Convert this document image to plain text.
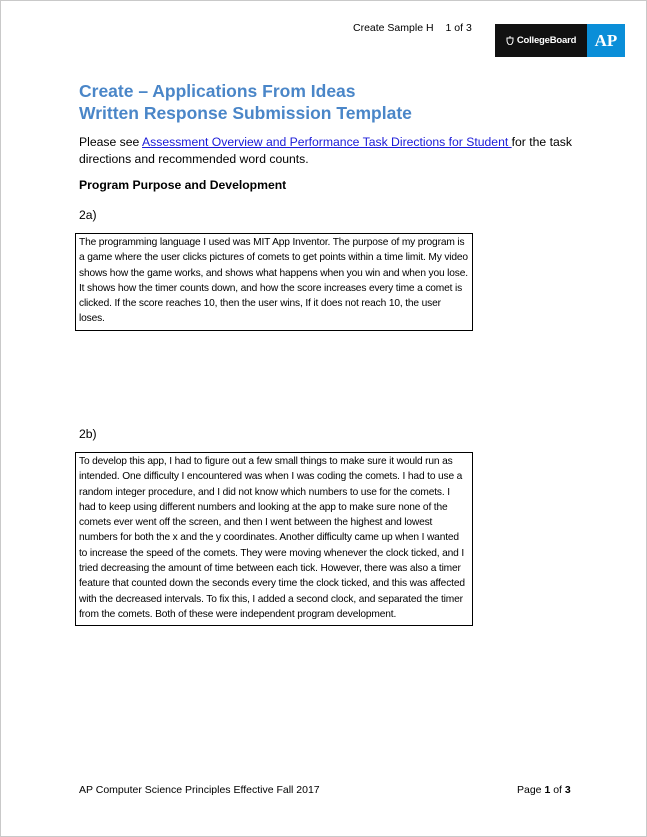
Create Sample H 1 of 3
CollegeBoard AP
Create – Applications From Ideas
Written Response Submission Template
Please see Assessment Overview and Performance Task Directions for Student for the task directions and recommended word counts.
Program Purpose and Development
2a)
The programming language I used was MIT App Inventor. The purpose of my program is a game where the user clicks pictures of comets to get points within a time limit. My video shows how the game works, and shows what happens when you win and when you lose. It shows how the timer counts down, and how the score increases every time a comet is clicked. If the score reaches 10, then the user wins, If it does not reach 10, the user loses.
2b)
To develop this app, I had to figure out a few small things to make sure it would run as intended. One difficulty I encountered was when I was coding the comets. I had to use a random integer procedure, and I did not know which numbers to use for the comets. I had to keep using different numbers and looking at the app to make sure none of the comets ever went off the screen, and then I went between the highest and lowest numbers for both the x and the y coordinates. Another difficulty came up when I wanted to increase the speed of the comets. They were moving whenever the clock ticked, and I tried decreasing the amount of time between each tick. However, there was also a timer feature that counted down the seconds every time the clock ticked, and this was affected with the decreased intervals. To fix this, I added a second clock, and separated the timer from the comets. Both of these were independent program development.
AP Computer Science Principles Effective Fall 2017	Page 1 of 3
